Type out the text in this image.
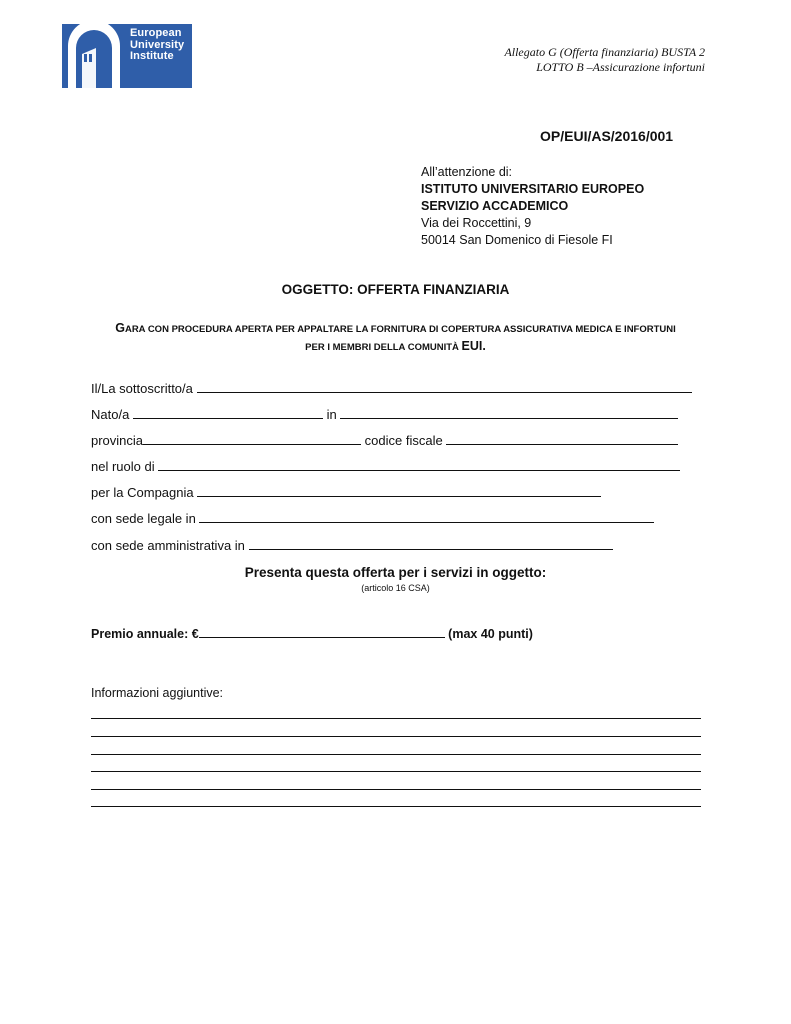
European
University
Institute	Allegato G (Offerta finanziaria) BUSTA 2
LOTTO B –Assicurazione infortuni
OP/EUI/AS/2016/001
All’attenzione di:
ISTITUTO UNIVERSITARIO EUROPEO
SERVIZIO ACCADEMICO
Via dei Roccettini, 9
50014 San Domenico di Fiesole FI
OGGETTO: OFFERTA FINANZIARIA
GARA CON PROCEDURA APERTA PER APPALTARE LA FORNITURA DI COPERTURA ASSICURATIVA MEDICA E INFORTUNI
PER I MEMBRI DELLA COMUNITÀ EUI.
Il/La sottoscritto/a
Nato/a	in
provincia	codice fiscale
nel ruolo di
per la Compagnia
con sede legale in
con sede amministrativa in
Presenta questa offerta per i servizi in oggetto:
(articolo 16 CSA)
Premio annuale: €	(max 40 punti)
Informazioni aggiuntive:
